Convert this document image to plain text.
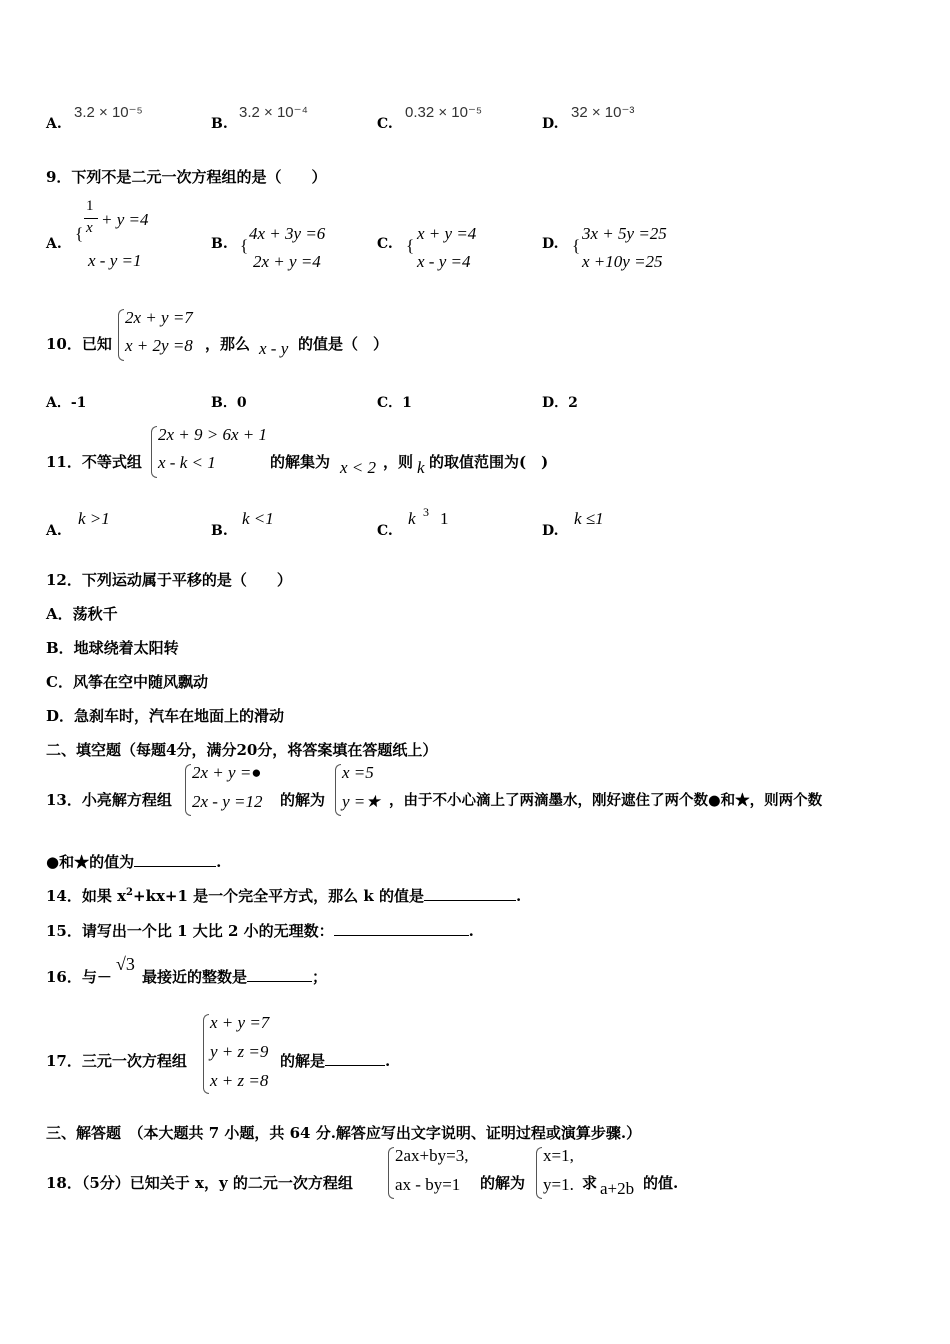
A.
3.2 × 10⁻⁵
B.
3.2 × 10⁻⁴
C.
0.32 × 10⁻⁵
D.
32 × 10⁻³
9．下列不是二元一次方程组的是（　　）
A.
{
1
x + y =4
x - y =1
B. {
4x + 3y =6
2x + y =4
C. {
x + y =4
x - y =4
D. {
3x + 5y =25
x +10y =25
10．已知
2x + y =7
x + 2y =8 ，那么 x - y 的值是（　）
A．-1	B．0	C．1	D．2
11．不等式组
2x + 9 > 6x + 1
x - k < 1	的解集为 x < 2 ，则 k 的取值范围为(　)
A.
k >1
B.
k <1
C.
k 3 1
D.
k ≤1
12．下列运动属于平移的是（　　）
A．荡秋千
B．地球绕着太阳转
C．风筝在空中随风飘动
D．急刹车时，汽车在地面上的滑动
二、填空题（每题4分，满分20分，将答案填在答题纸上）
13．小亮解方程组
2x + y =●
2x - y =12 的解为
x =5
y =★ ，由于不小心滴上了两滴墨水，刚好遮住了两个数●和★，则两个数
●和★的值为	.
14．如果 $x^2+kx+1$ 是一个完全平方式，那么 k 的值是	.
15．请写出一个比 1 大比 2 小的无理数：	.
16．与－
√3
最接近的整数是	；
17．三元一次方程组
x + y =7
y + z =9
x + z =8
的解是	.
三、解答题　（本大题共 7 小题，共 64 分.解答应写出文字说明、证明过程或演算步骤.）
18．（5分）已知关于 x，y 的二元一次方程组
2ax+by=3,
ax - by=1 的解为
x=1,
y=1. 求 a+2b 的值.
